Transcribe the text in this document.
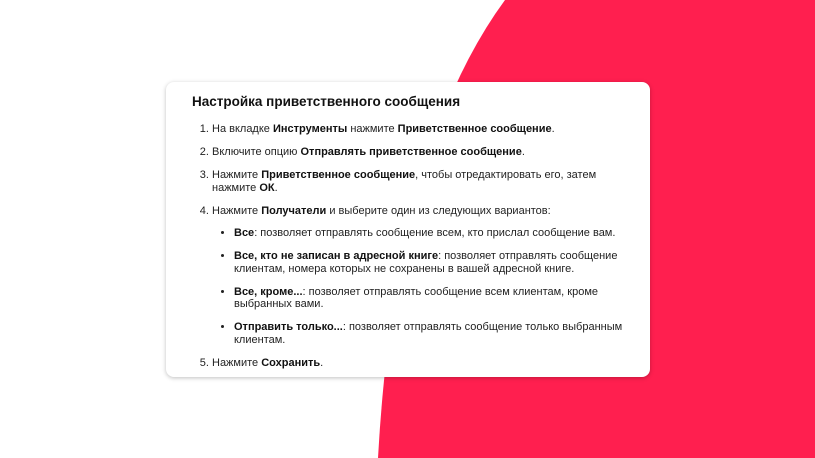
Настройка приветственного сообщения
1. На вкладке Инструменты нажмите Приветственное сообщение.
2. Включите опцию Отправлять приветственное сообщение.
3. Нажмите Приветственное сообщение, чтобы отредактировать его, затем нажмите ОК.
4. Нажмите Получатели и выберите один из следующих вариантов:
• Все: позволяет отправлять сообщение всем, кто прислал сообщение вам.
• Все, кто не записан в адресной книге: позволяет отправлять сообщение клиентам, номера которых не сохранены в вашей адресной книге.
• Все, кроме...: позволяет отправлять сообщение всем клиентам, кроме выбранных вами.
• Отправить только...: позволяет отправлять сообщение только выбранным клиентам.
5. Нажмите Сохранить.
